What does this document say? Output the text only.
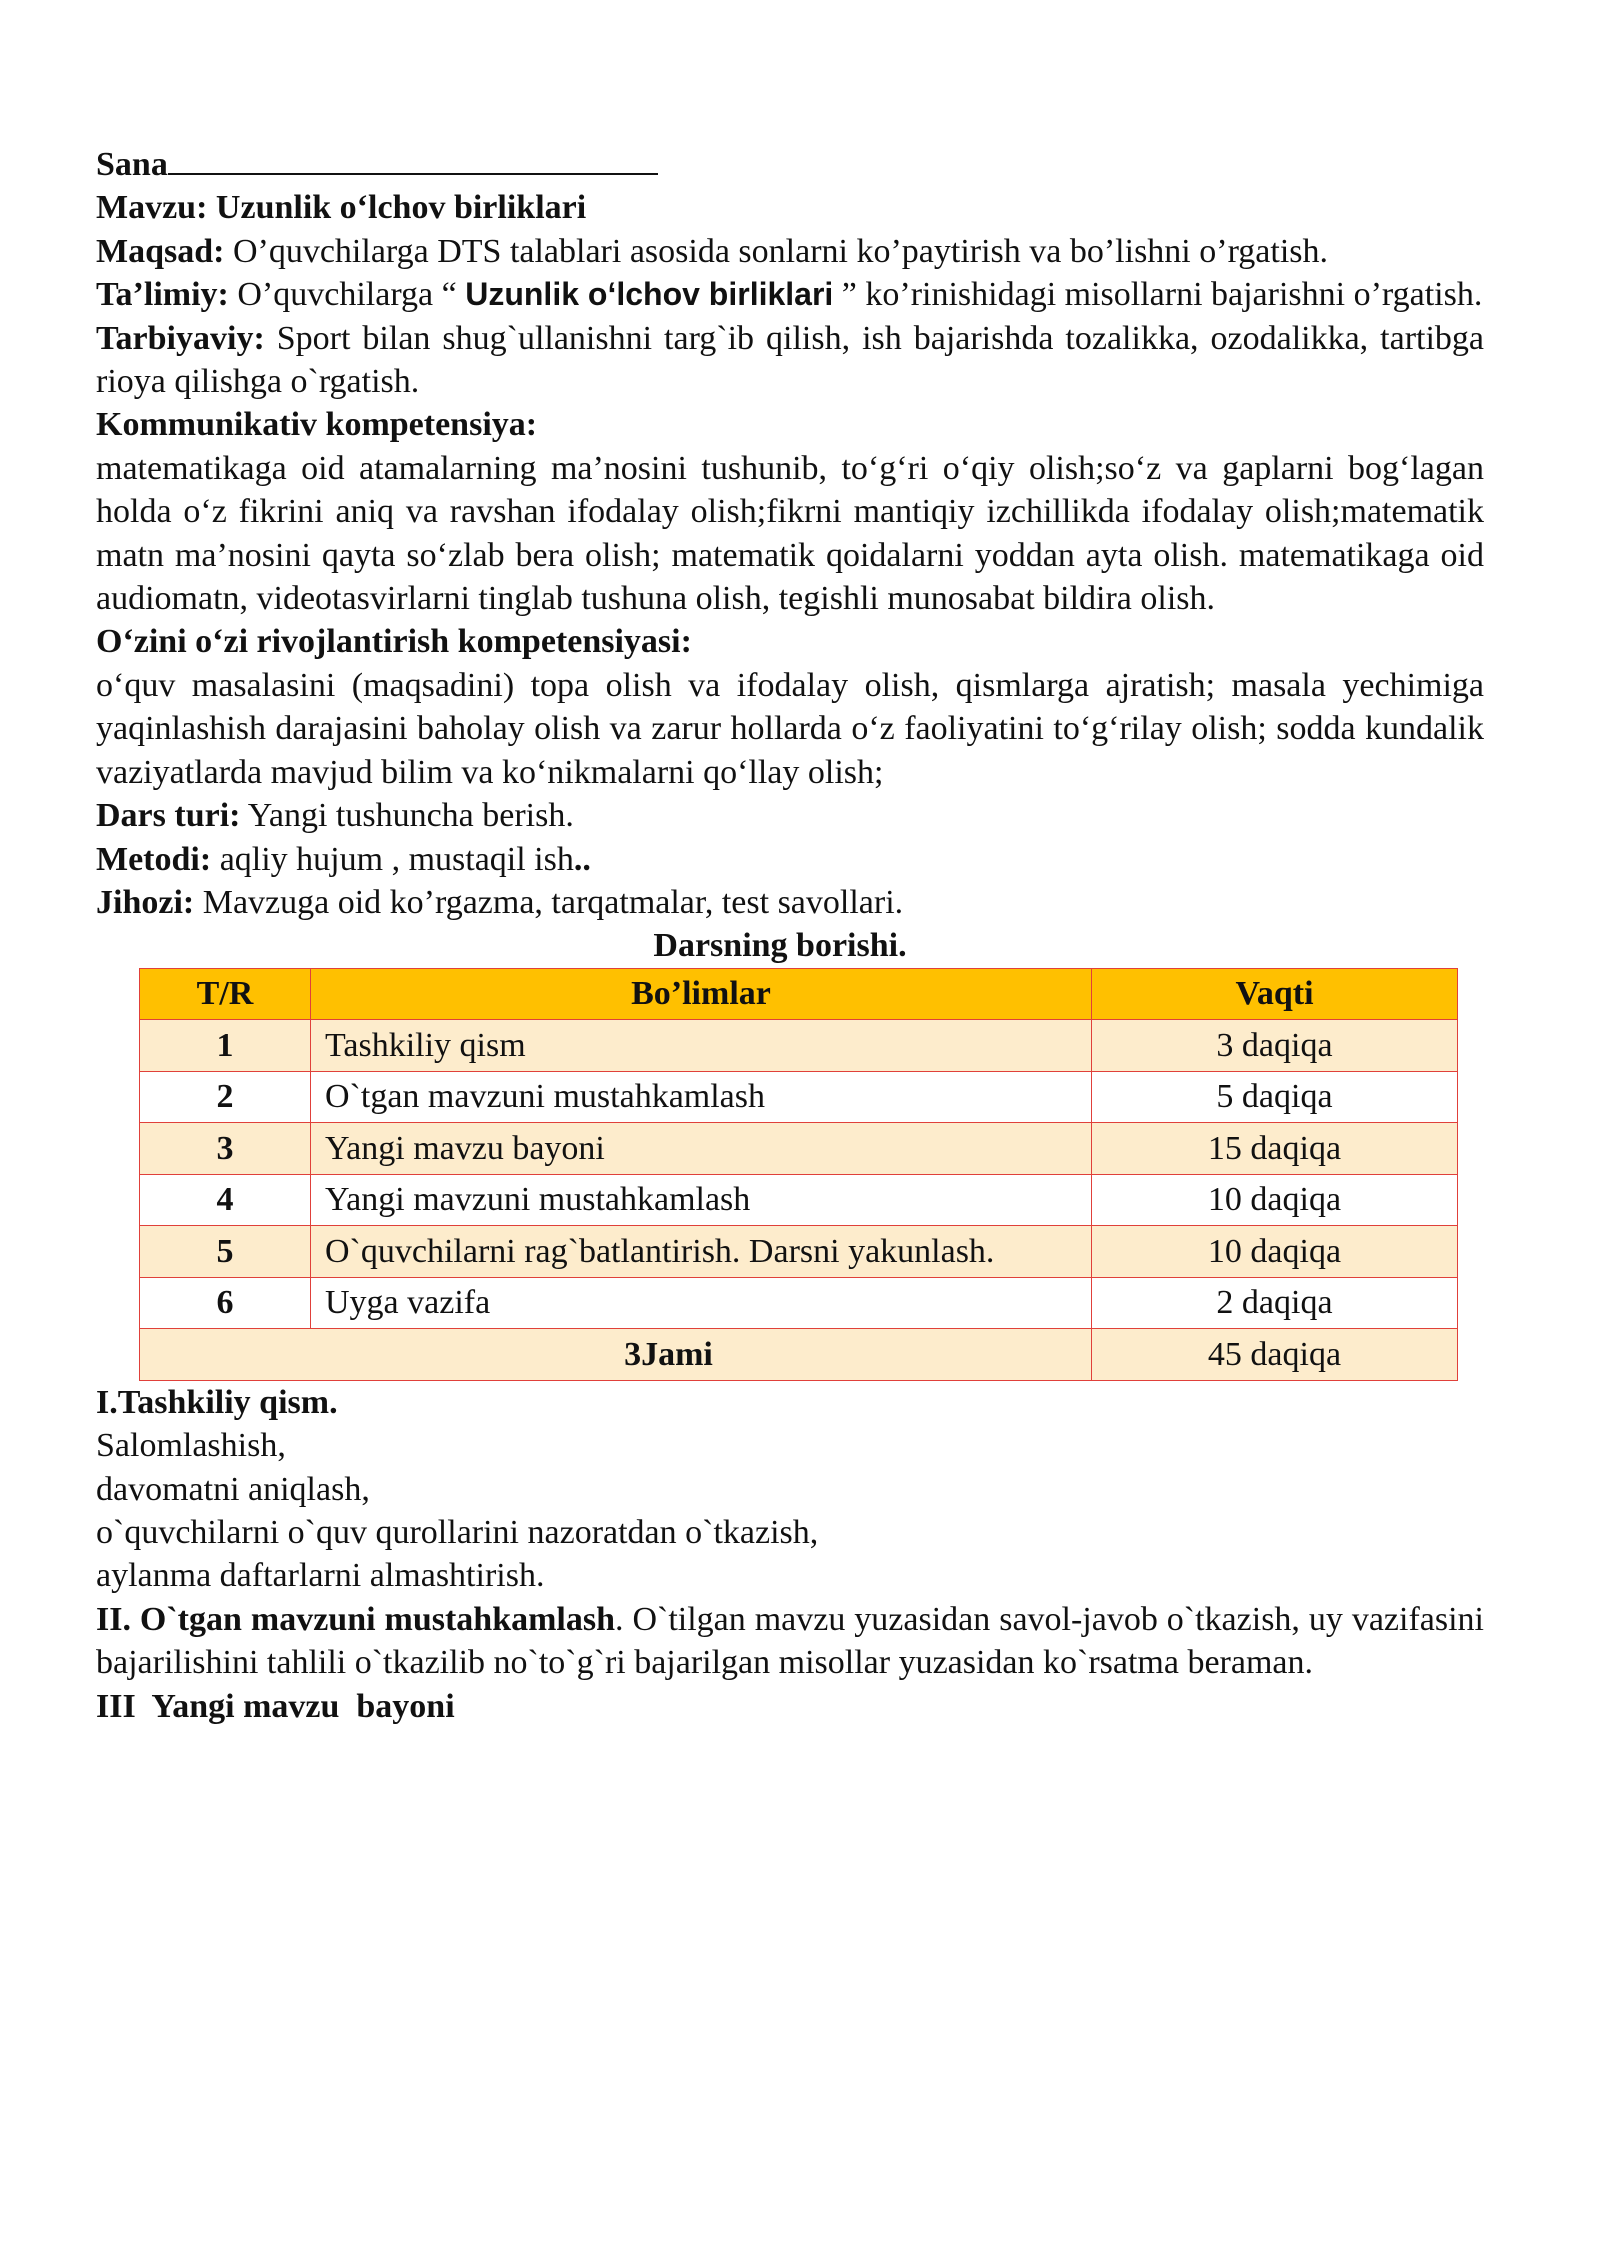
Sana

Mavzu: Uzunlik o‘lchov birliklari

Maqsad: O’quvchilarga DTS talablari asosida sonlarni ko’paytirish va bo’lishni o’rgatish.

Ta’limiy: O’quvchilarga “ Uzunlik o‘lchov birliklari ” ko’rinishidagi misollarni bajarishni o’rgatish.

Tarbiyaviy: Sport bilan shug`ullanishni targ`ib qilish, ish bajarishda tozalikka, ozodalikka, tartibga rioya qilishga o`rgatish.

Kommunikativ kompetensiya:

matematikaga oid atamalarning ma’nosini tushunib, to‘g‘ri o‘qiy olish;so‘z va gaplarni bog‘lagan holda o‘z fikrini aniq va ravshan ifodalay olish;fikrni mantiqiy izchillikda ifodalay olish;matematik matn ma’nosini qayta so‘zlab bera olish; matematik qoidalarni yoddan ayta olish. matematikaga oid audiomatn, videotasvirlarni tinglab tushuna olish, tegishli munosabat bildira olish.

O‘zini o‘zi rivojlantirish kompetensiyasi:

o‘quv masalasini (maqsadini) topa olish va ifodalay olish, qismlarga ajratish; masala yechimiga yaqinlashish darajasini baholay olish va zarur hollarda o‘z faoliyatini to‘g‘rilay olish; sodda kundalik vaziyatlarda mavjud bilim va ko‘nikmalarni qo‘llay olish;

Dars turi: Yangi tushuncha berish.

Metodi: aqliy hujum , mustaqil ish..

Jihozi: Mavzuga oid ko’rgazma, tarqatmalar, test savollari.

Darsning borishi.

T/R	Bo’limlar	Vaqti
1	Tashkiliy qism	3 daqiqa
2	O`tgan mavzuni mustahkamlash	5 daqiqa
3	Yangi mavzu bayoni	15 daqiqa
4	Yangi mavzuni mustahkamlash	10 daqiqa
5	O`quvchilarni rag`batlantirish. Darsni yakunlash.	10 daqiqa
6	Uyga vazifa	2 daqiqa
3Jami		45 daqiqa

I.Tashkiliy qism.

Salomlashish,

davomatni aniqlash,

o`quvchilarni o`quv qurollarini nazoratdan o`tkazish,

aylanma daftarlarni almashtirish.

II. O`tgan mavzuni mustahkamlash. O`tilgan mavzu yuzasidan savol-javob o`tkazish, uy vazifasini bajarilishini tahlili o`tkazilib no`to`g`ri bajarilgan misollar yuzasidan ko`rsatma beraman.

III  Yangi mavzu  bayoni
